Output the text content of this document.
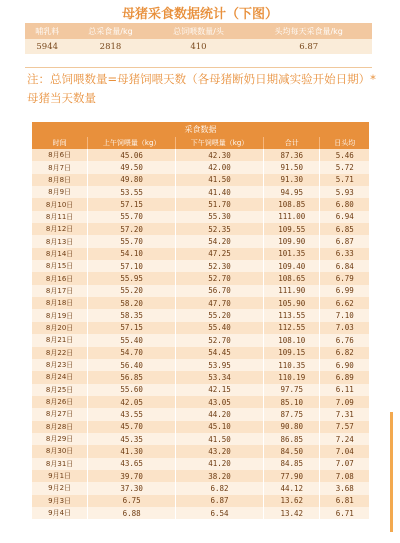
母猪采食数据统计（下图）
哺乳料	总采食量/kg	总饲喂数量/头	头均每天采食量/kg
5944	2818	410	6.87
注：总饲喂数量=母猪饲喂天数（各母猪断奶日期减实验开始日期）*母猪当天数量
采食数据				
时间	上午饲喂量（kg）	下午饲喂量（kg）	合计	日头均
8月6日	45.06	42.30	87.36	5.46
8月7日	49.50	42.00	91.50	5.72
8月8日	49.80	41.50	91.30	5.71
8月9日	53.55	41.40	94.95	5.93
8月10日	57.15	51.70	108.85	6.80
8月11日	55.70	55.30	111.00	6.94
8月12日	57.20	52.35	109.55	6.85
8月13日	55.70	54.20	109.90	6.87
8月14日	54.10	47.25	101.35	6.33
8月15日	57.10	52.30	109.40	6.84
8月16日	55.95	52.70	108.65	6.79
8月17日	55.20	56.70	111.90	6.99
8月18日	58.20	47.70	105.90	6.62
8月19日	58.35	55.20	113.55	7.10
8月20日	57.15	55.40	112.55	7.03
8月21日	55.40	52.70	108.10	6.76
8月22日	54.70	54.45	109.15	6.82
8月23日	56.40	53.95	110.35	6.90
8月24日	56.85	53.34	110.19	6.89
8月25日	55.60	42.15	97.75	6.11
8月26日	42.05	43.05	85.10	7.09
8月27日	43.55	44.20	87.75	7.31
8月28日	45.70	45.10	90.80	7.57
8月29日	45.35	41.50	86.85	7.24
8月30日	41.30	43.20	84.50	7.04
8月31日	43.65	41.20	84.85	7.07
9月1日	39.70	38.20	77.90	7.08
9月2日	37.30	6.82	44.12	3.68
9月3日	6.75	6.87	13.62	6.81
9月4日	6.88	6.54	13.42	6.71
